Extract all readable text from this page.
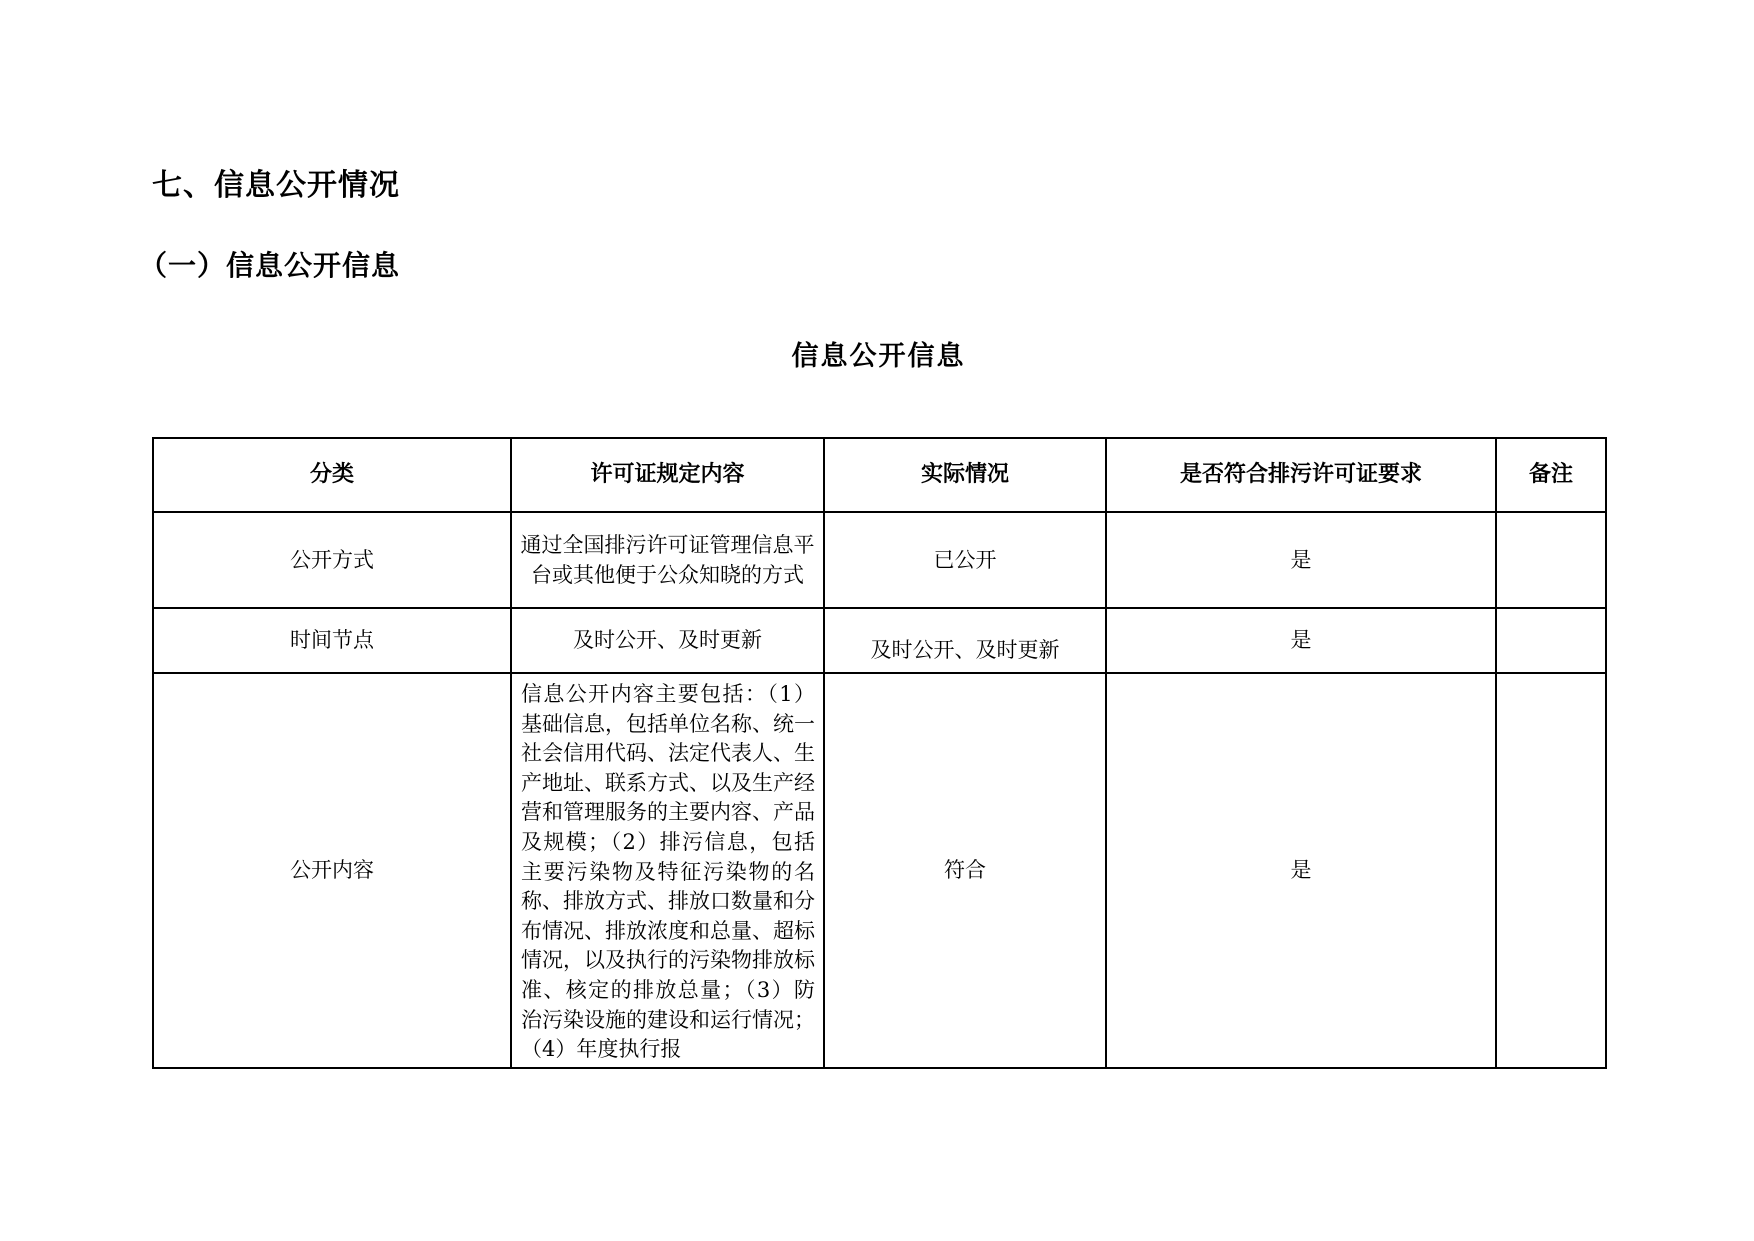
七、信息公开情况
（一）信息公开信息
信息公开信息
分类	许可证规定内容	实际情况	是否符合排污许可证要求	备注
公开方式	通过全国排污许可证管理信息平台或其他便于公众知晓的方式	已公开	是	
时间节点	及时公开、及时更新	及时公开、及时更新	是	
公开内容	信息公开内容主要包括：（1）基础信息，包括单位名称、统一社会信用代码、法定代表人、生产地址、联系方式、以及生产经营和管理服务的主要内容、产品及规模；（2）排污信息，包括主要污染物及特征污染物的名称、排放方式、排放口数量和分布情况、排放浓度和总量、超标情况，以及执行的污染物排放标准、核定的排放总量；（3）防治污染设施的建设和运行情况；（4）年度执行报	符合	是	
